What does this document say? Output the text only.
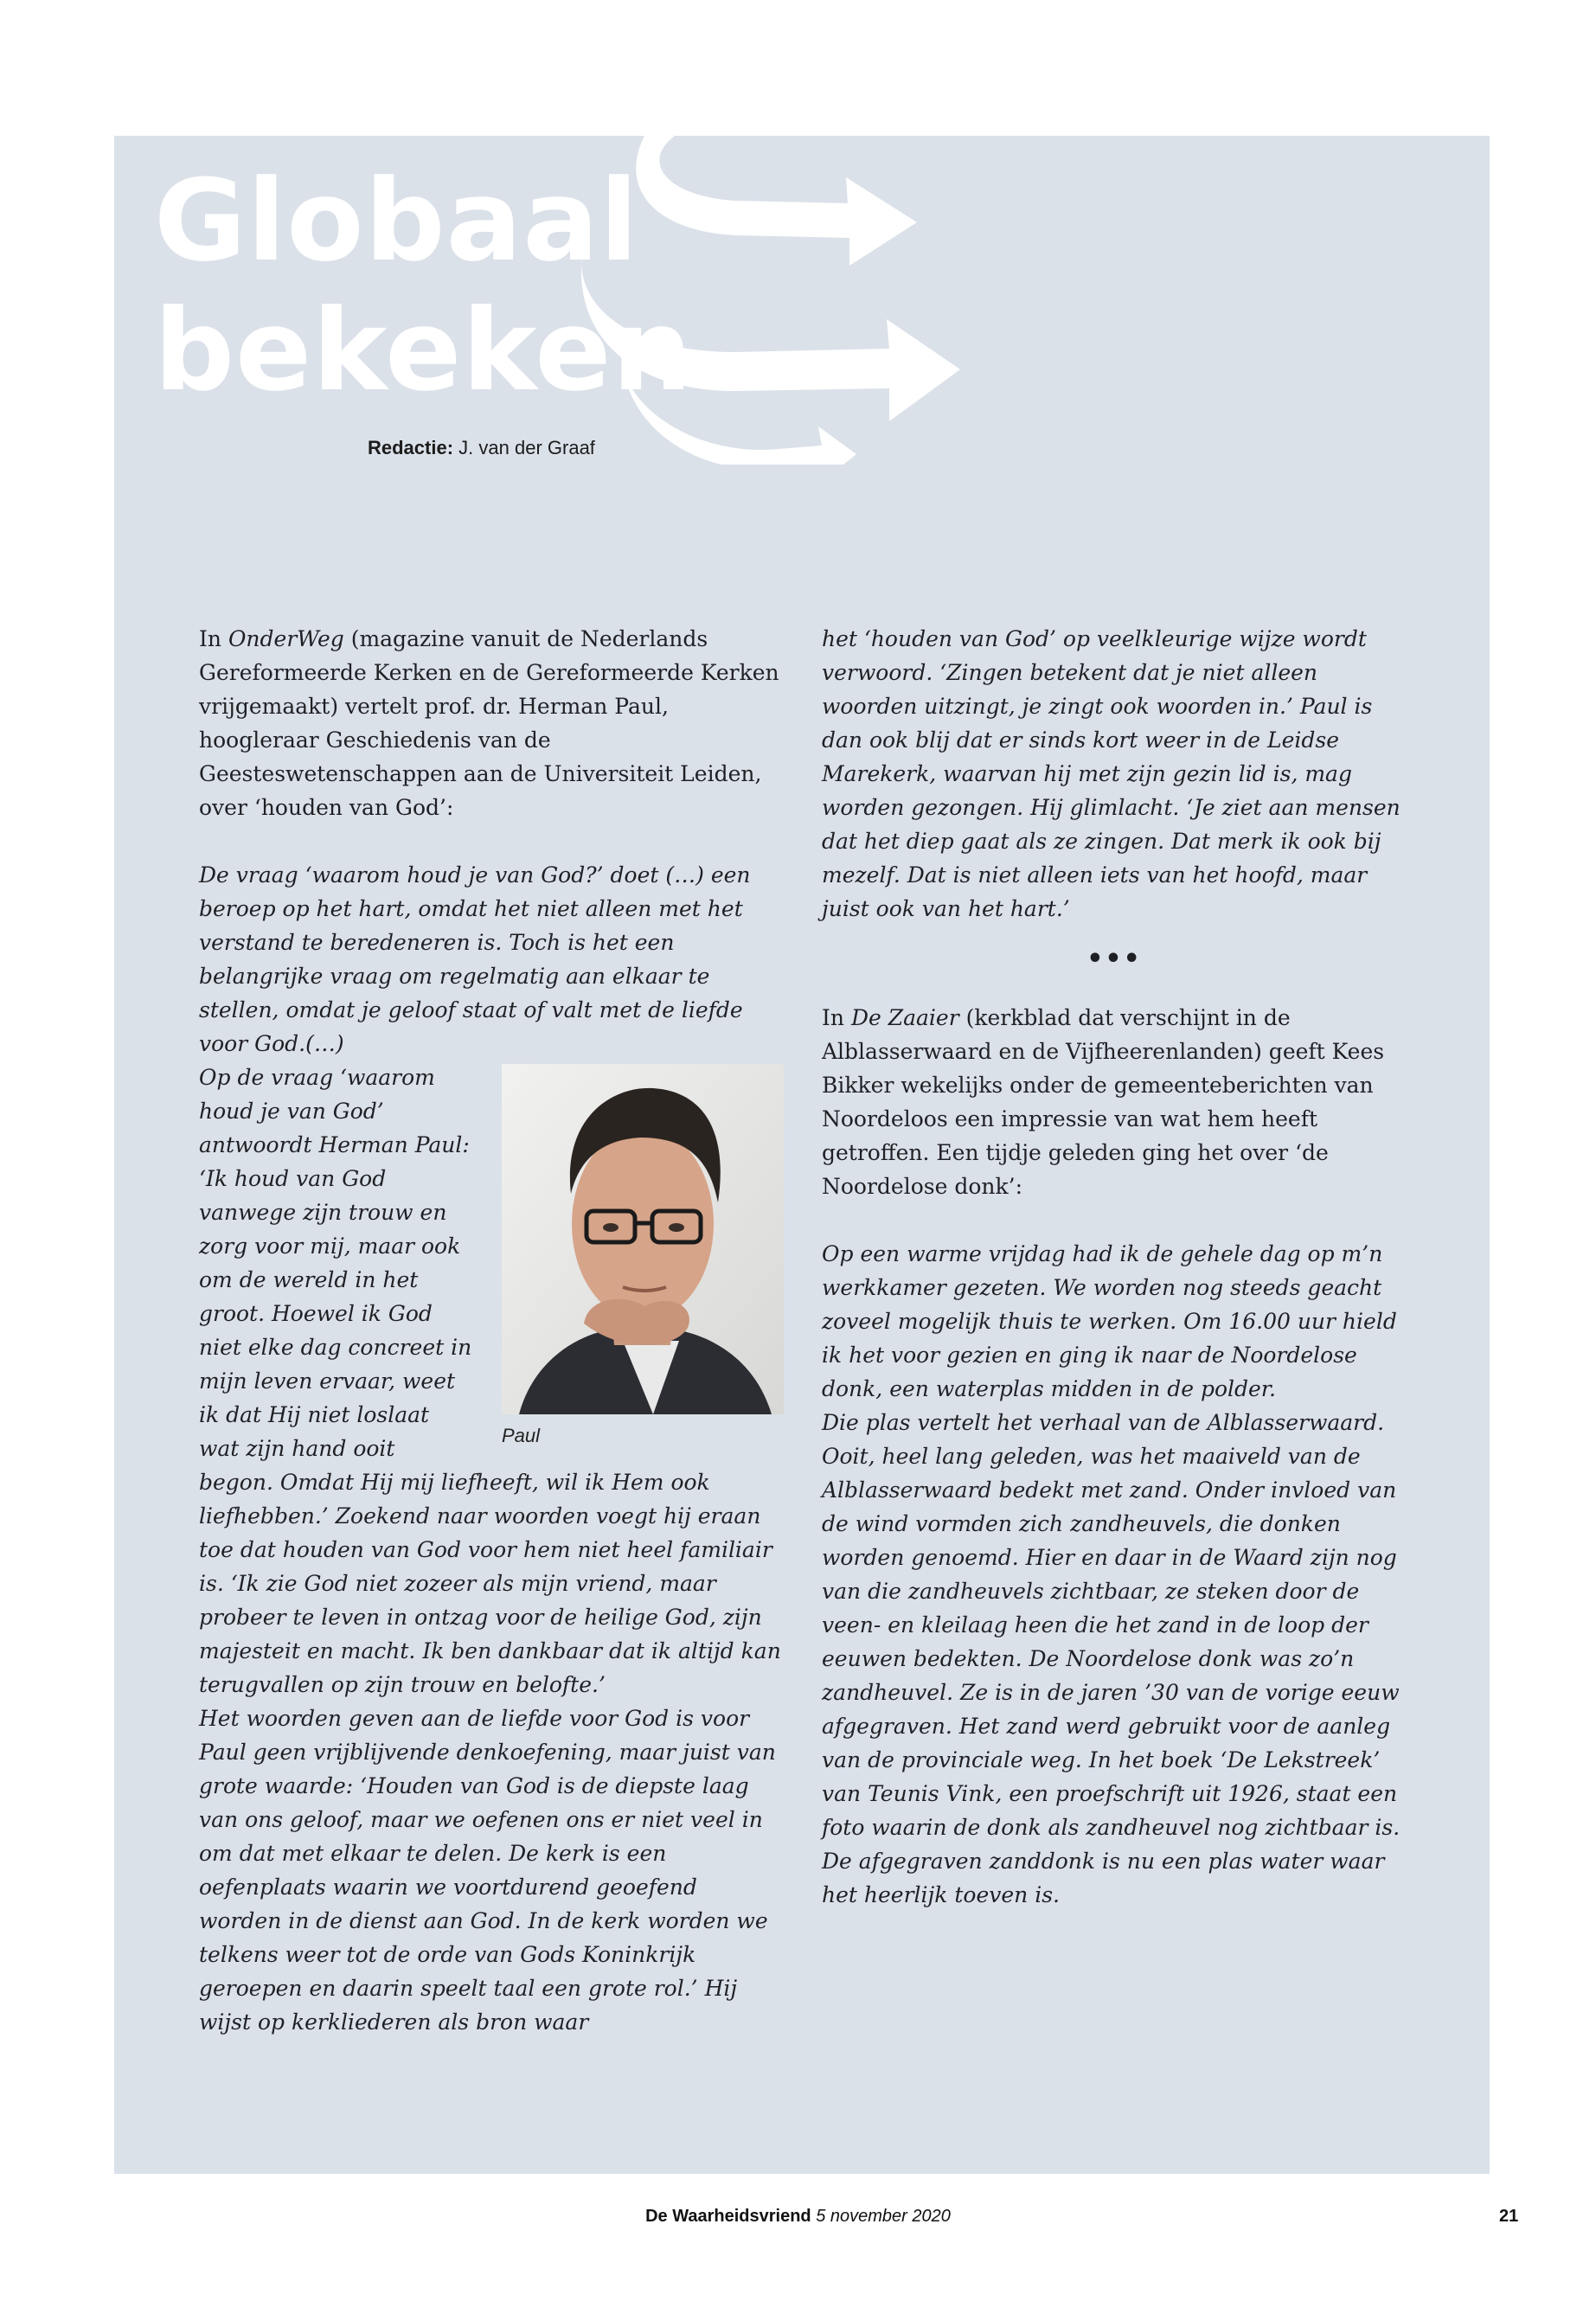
Globaal
bekeken
Redactie: J. van der Graaf

In OnderWeg (magazine vanuit de Nederlands Gereformeerde Kerken en de Gereformeerde Kerken vrijgemaakt) vertelt prof. dr. Herman Paul, hoogleraar Geschiedenis van de Geesteswetenschappen aan de Universiteit Leiden, over ‘houden van God’:

De vraag ‘waarom houd je van God?’ doet (…) een beroep op het hart, omdat het niet alleen met het verstand te beredeneren is. Toch is het een belangrijke vraag om regelmatig aan elkaar te stellen, omdat je geloof staat of valt met de liefde voor God.(…)

Paul

Op de vraag ‘waarom houd je van God’ antwoordt Herman Paul: ‘Ik houd van God vanwege zijn trouw en zorg voor mij, maar ook om de wereld in het groot. Hoewel ik God niet elke dag concreet in mijn leven ervaar, weet ik dat Hij niet loslaat wat zijn hand ooit begon. Omdat Hij mij liefheeft, wil ik Hem ook liefhebben.’ Zoekend naar woorden voegt hij eraan toe dat houden van God voor hem niet heel familiair is. ‘Ik zie God niet zozeer als mijn vriend, maar probeer te leven in ontzag voor de heilige God, zijn majesteit en macht. Ik ben dankbaar dat ik altijd kan terugvallen op zijn trouw en belofte.’

Het woorden geven aan de liefde voor God is voor Paul geen vrijblijvende denkoefening, maar juist van grote waarde: ‘Houden van God is de diepste laag van ons geloof, maar we oefenen ons er niet veel in om dat met elkaar te delen. De kerk is een oefenplaats waarin we voortdurend geoefend worden in de dienst aan God. In de kerk worden we telkens weer tot de orde van Gods Koninkrijk geroepen en daarin speelt taal een grote rol.’ Hij wijst op kerkliederen als bron waar

het ‘houden van God’ op veelkleurige wijze wordt verwoord. ‘Zingen betekent dat je niet alleen woorden uitzingt, je zingt ook woorden in.’ Paul is dan ook blij dat er sinds kort weer in de Leidse Marekerk, waarvan hij met zijn gezin lid is, mag worden gezongen. Hij glimlacht. ‘Je ziet aan mensen dat het diep gaat als ze zingen. Dat merk ik ook bij mezelf. Dat is niet alleen iets van het hoofd, maar juist ook van het hart.’

•••

In De Zaaier (kerkblad dat verschijnt in de Alblasserwaard en de Vijfheerenlanden) geeft Kees Bikker wekelijks onder de gemeenteberichten van Noordeloos een impressie van wat hem heeft getroffen. Een tijdje geleden ging het over ‘de Noordelose donk’:

Op een warme vrijdag had ik de gehele dag op m’n werkkamer gezeten. We worden nog steeds geacht zoveel mogelijk thuis te werken. Om 16.00 uur hield ik het voor gezien en ging ik naar de Noordelose donk, een waterplas midden in de polder.

Die plas vertelt het verhaal van de Alblasserwaard. Ooit, heel lang geleden, was het maaiveld van de Alblasserwaard bedekt met zand. Onder invloed van de wind vormden zich zandheuvels, die donken worden genoemd. Hier en daar in de Waard zijn nog van die zandheuvels zichtbaar, ze steken door de veen- en kleilaag heen die het zand in de loop der eeuwen bedekten. De Noordelose donk was zo’n zandheuvel. Ze is in de jaren ’30 van de vorige eeuw afgegraven. Het zand werd gebruikt voor de aanleg van de provinciale weg. In het boek ‘De Lekstreek’ van Teunis Vink, een proefschrift uit 1926, staat een foto waarin de donk als zandheuvel nog zichtbaar is. De afgegraven zanddonk is nu een plas water waar het heerlijk toeven is.

De Waarheidsvriend 5 november 2020	21
